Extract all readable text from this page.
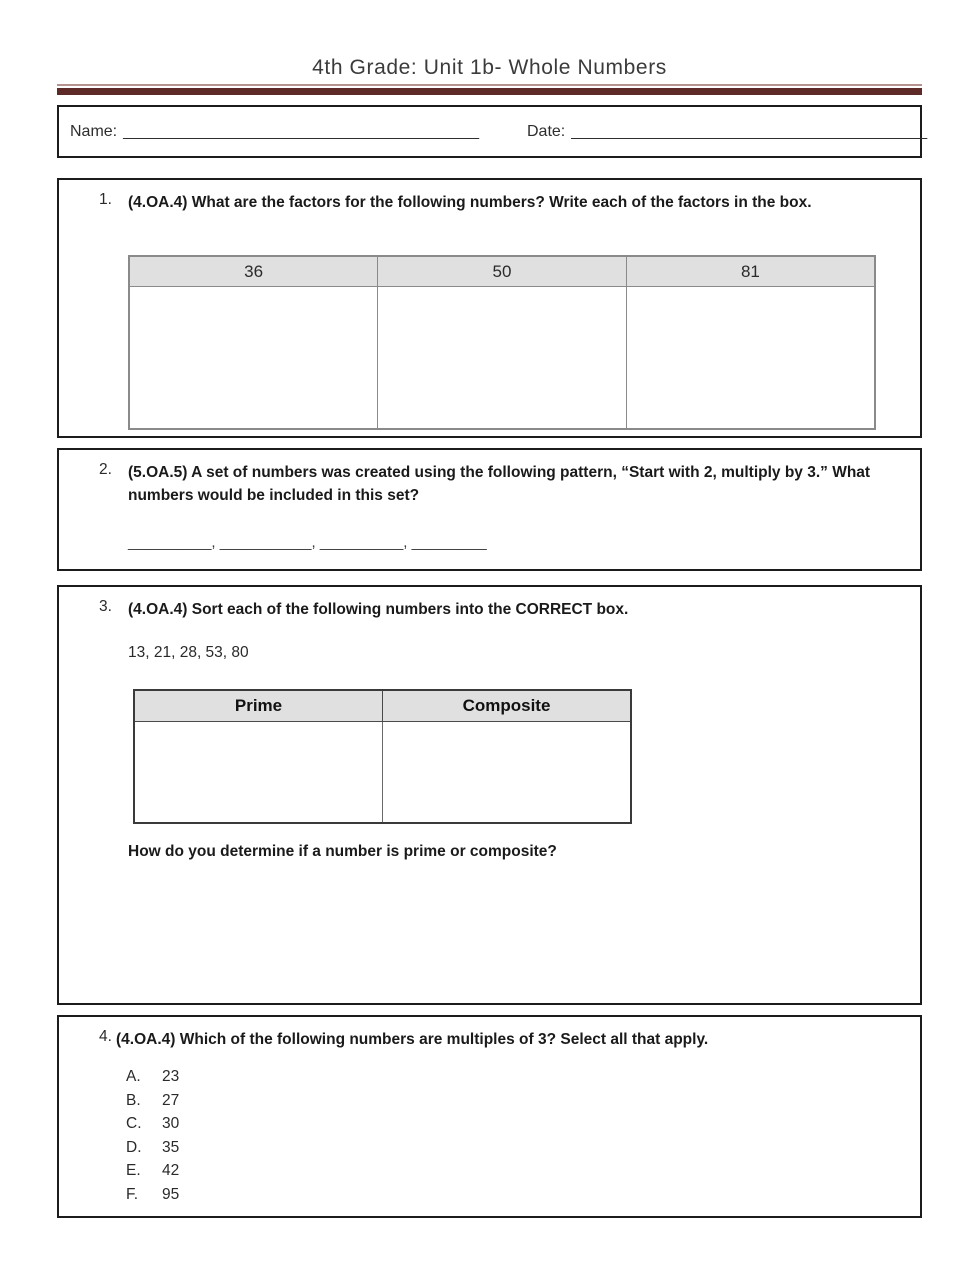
4th Grade: Unit 1b- Whole Numbers
Name: ________________________________________	Date: ________________________________________
1.	(4.OA.4) What are the factors for the following numbers? Write each of the factors in the box.
36	50	81

2.	(5.OA.5) A set of numbers was created using the following pattern, “Start with 2, multiply by 3.” What numbers would be included in this set?
__________, ___________, __________, _________
3.	(4.OA.4) Sort each of the following numbers into the CORRECT box.
13, 21, 28, 53, 80
Prime	Composite

How do you determine if a number is prime or composite?
4. (4.OA.4) Which of the following numbers are multiples of 3? Select all that apply.
A.	23
B.	27
C.	30
D.	35
E.	42
F.	95
